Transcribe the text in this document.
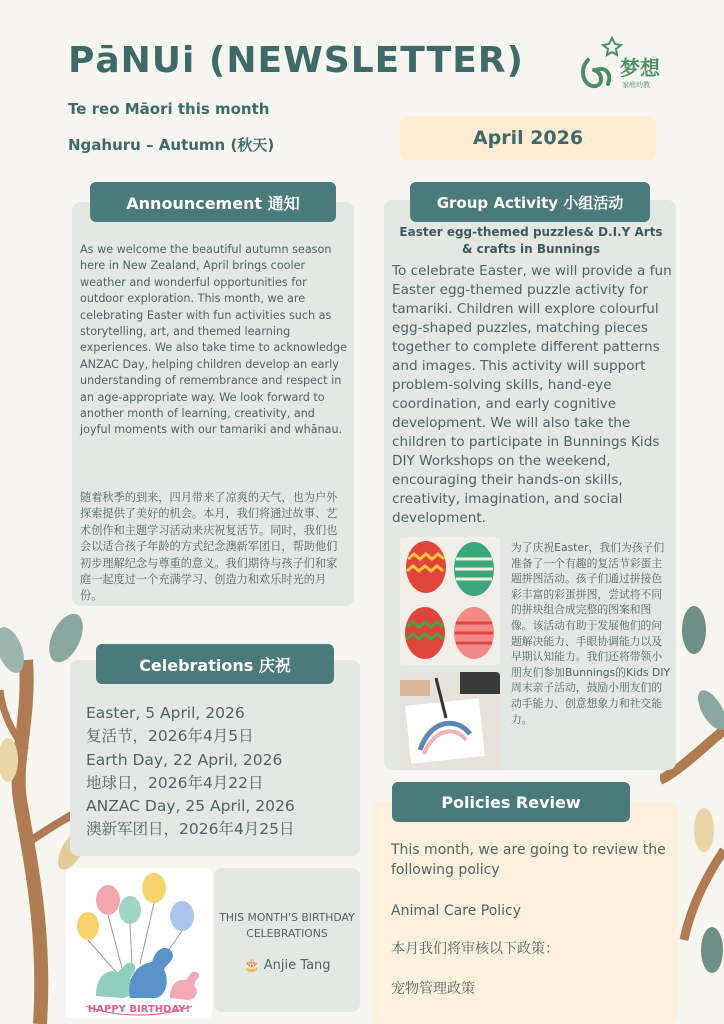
PāNUi (NEWSLETTER)
Te reo Māori this month
Ngahuru – Autumn (秋天)
梦想
家庭幼教
April 2026
Announcement 通知
As we welcome the beautiful autumn season here in New Zealand, April brings cooler weather and wonderful opportunities for outdoor exploration. This month, we are celebrating Easter with fun activities such as storytelling, art, and themed learning experiences. We also take time to acknowledge ANZAC Day, helping children develop an early understanding of remembrance and respect in an age-appropriate way. We look forward to another month of learning, creativity, and joyful moments with our tamariki and whānau.
随着秋季的到来，四月带来了凉爽的天气，也为户外探索提供了美好的机会。本月，我们将通过故事、艺术创作和主题学习活动来庆祝复活节。同时，我们也会以适合孩子年龄的方式纪念澳新军团日，帮助他们初步理解纪念与尊重的意义。我们期待与孩子们和家庭一起度过一个充满学习、创造力和欢乐时光的月份。
Group Activity 小组活动
Easter egg-themed puzzles& D.I.Y Arts & crafts in Bunnings
To celebrate Easter, we will provide a fun Easter egg-themed puzzle activity for tamariki. Children will explore colourful egg-shaped puzzles, matching pieces together to complete different patterns and images. This activity will support problem-solving skills, hand-eye coordination, and early cognitive development. We will also take the children to participate in Bunnings Kids DIY Workshops on the weekend, encouraging their hands-on skills, creativity, imagination, and social development.
为了庆祝Easter，我们为孩子们准备了一个有趣的复活节彩蛋主题拼图活动。孩子们通过拼接色彩丰富的彩蛋拼图，尝试将不同的拼块组合成完整的图案和图像。该活动有助于发展他们的问题解决能力、手眼协调能力以及早期认知能力。我们还将带领小朋友们参加Bunnings的Kids DIY周末亲子活动，鼓励小朋友们的动手能力、创意想象力和社交能力。
Celebrations 庆祝
Easter, 5 April, 2026
复活节，2026年4月5日
Earth Day, 22 April, 2026
地球日，2026年4月22日
ANZAC Day, 25 April, 2026
澳新军团日，2026年4月25日
HAPPY BIRTHDAY!
THIS MONTH'S BIRTHDAY CELEBRATIONS
🎂 Anjie Tang
Policies Review
This month, we are going to review the following policy
Animal Care Policy
本月我们将审核以下政策：
宠物管理政策
